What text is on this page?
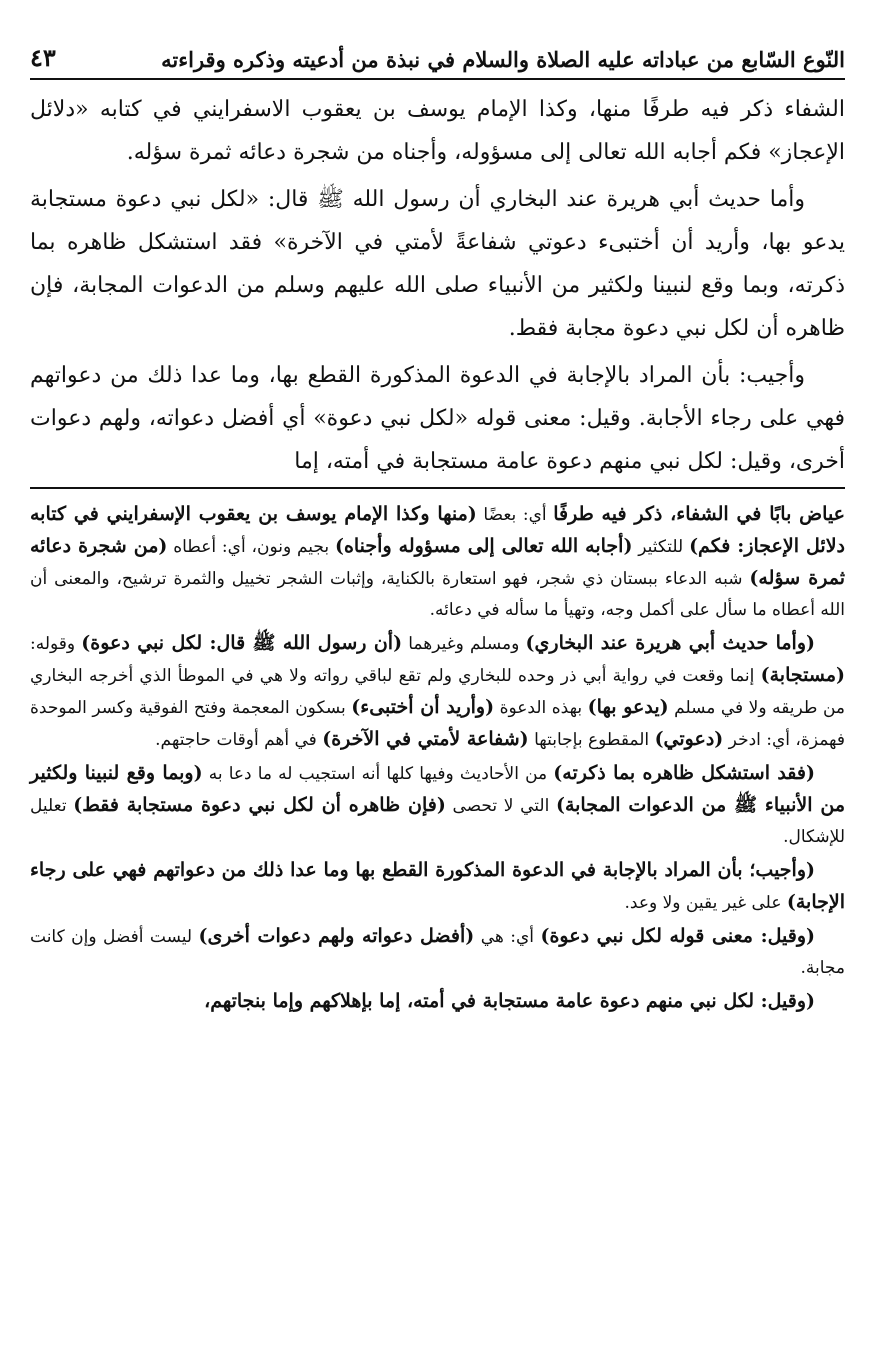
النّوع السّابع من عباداته عليه الصلاة والسلام في نبذة من أدعيته وذكره وقراءته
٤٣

الشفاء ذكر فيه طرفًا منها، وكذا الإمام يوسف بن يعقوب الاسفرايني في كتابه «دلائل الإعجاز» فكم أجابه الله تعالى إلى مسؤوله، وأجناه من شجرة دعائه ثمرة سؤله.

وأما حديث أبي هريرة عند البخاري أن رسول الله ﷺ قال: «لكل نبي دعوة مستجابة يدعو بها، وأريد أن أختبىء دعوتي شفاعةً لأمتي في الآخرة» فقد استشكل ظاهره بما ذكرته، وبما وقع لنبينا ولكثير من الأنبياء صلى الله عليهم وسلم من الدعوات المجابة، فإن ظاهره أن لكل نبي دعوة مجابة فقط.

وأجيب: بأن المراد بالإجابة في الدعوة المذكورة القطع بها، وما عدا ذلك من دعواتهم فهي على رجاء الأجابة. وقيل: معنى قوله «لكل نبي دعوة» أي أفضل دعواته، ولهم دعوات أخرى، وقيل: لكل نبي منهم دعوة عامة مستجابة في أمته، إما

عياض بابًا في الشفاء، ذكر فيه طرفًا أي: بعضًا (منها وكذا الإمام يوسف بن يعقوب الإسفرايني في كتابه دلائل الإعجاز: فكم) للتكثير (أجابه الله تعالى إلى مسؤوله وأجناه) بجيم ونون، أي: أعطاه (من شجرة دعائه ثمرة سؤله) شبه الدعاء ببستان ذي شجر، فهو استعارة بالكناية، وإثبات الشجر تخييل والثمرة ترشيح، والمعنى أن الله أعطاه ما سأل على أكمل وجه، وتهيأ ما سأله في دعائه.

(وأما حديث أبي هريرة عند البخاري) ومسلم وغيرهما (أن رسول الله ﷺ قال: لكل نبي دعوة) وقوله: (مستجابة) إنما وقعت في رواية أبي ذر وحده للبخاري ولم تقع لباقي رواته ولا هي في الموطأ الذي أخرجه البخاري من طريقه ولا في مسلم (يدعو بها) بهذه الدعوة (وأريد أن أختبىء) بسكون المعجمة وفتح الفوقية وكسر الموحدة فهمزة، أي: ادخر (دعوتي) المقطوع بإجابتها (شفاعة لأمتي في الآخرة) في أهم أوقات حاجتهم.

(فقد استشكل ظاهره بما ذكرته) من الأحاديث وفيها كلها أنه استجيب له ما دعا به (وبما وقع لنبينا ولكثير من الأنبياء ﷺ من الدعوات المجابة) التي لا تحصى (فإن ظاهره أن لكل نبي دعوة مستجابة فقط) تعليل للإشكال.

(وأجيب؛ بأن المراد بالإجابة في الدعوة المذكورة القطع بها وما عدا ذلك من دعواتهم فهي على رجاء الإجابة) على غير يقين ولا وعد.

(وقيل: معنى قوله لكل نبي دعوة) أي: هي (أفضل دعواته ولهم دعوات أخرى) ليست أفضل وإن كانت مجابة.

(وقيل: لكل نبي منهم دعوة عامة مستجابة في أمته، إما بإهلاكهم وإما بنجاتهم،
